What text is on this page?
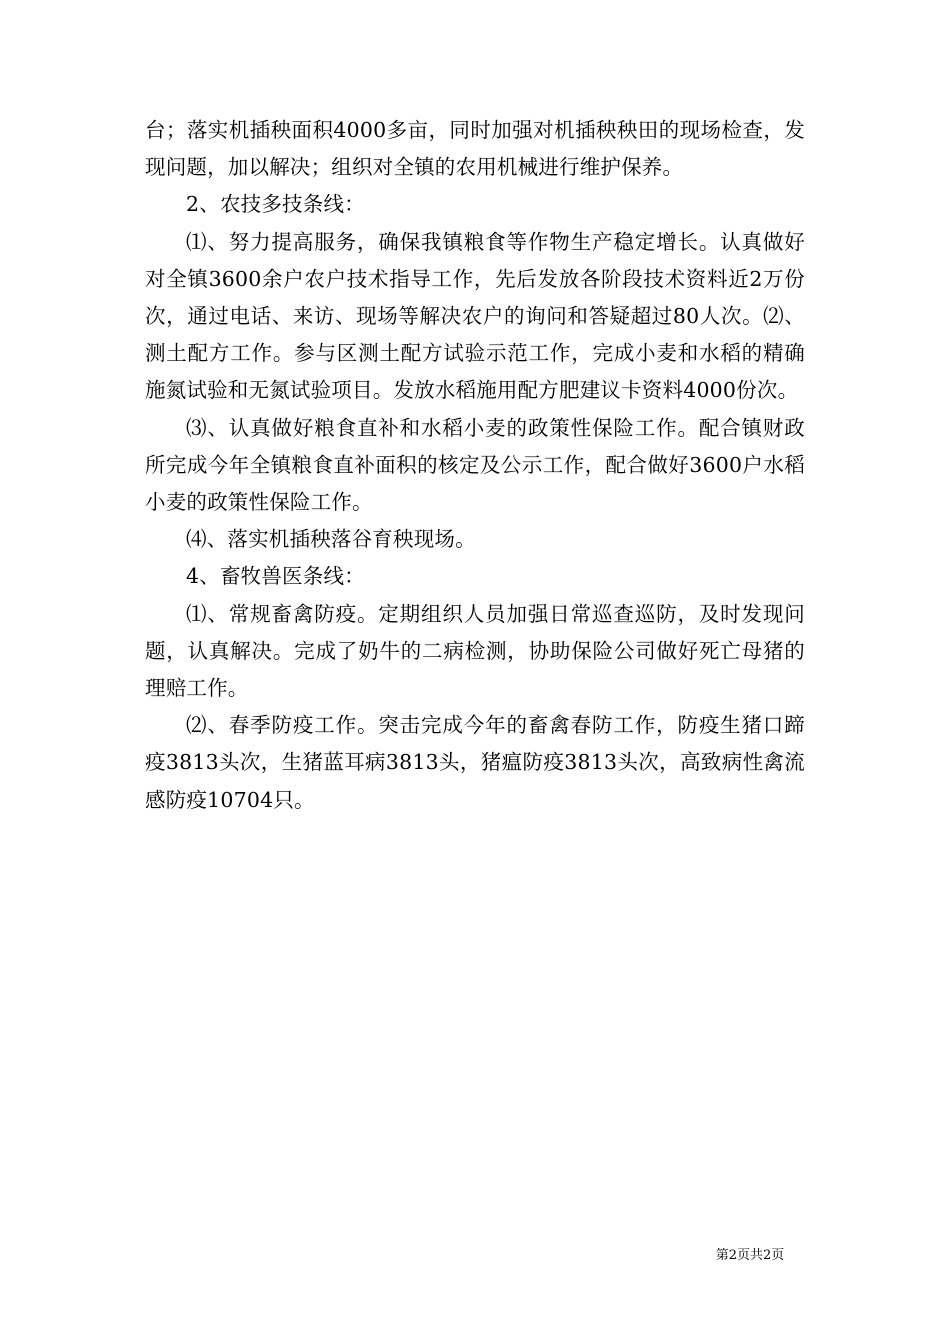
台；落实机插秧面积4000多亩，同时加强对机插秧秧田的现场检查，发现问题，加以解决；组织对全镇的农用机械进行维护保养。

2、农技多技条线：

⑴、努力提高服务，确保我镇粮食等作物生产稳定增长。认真做好对全镇3600余户农户技术指导工作，先后发放各阶段技术资料近2万份次，通过电话、来访、现场等解决农户的询问和答疑超过80人次。⑵、测土配方工作。参与区测土配方试验示范工作，完成小麦和水稻的精确施氮试验和无氮试验项目。发放水稻施用配方肥建议卡资料4000份次。

⑶、认真做好粮食直补和水稻小麦的政策性保险工作。配合镇财政所完成今年全镇粮食直补面积的核定及公示工作，配合做好3600户水稻小麦的政策性保险工作。

⑷、落实机插秧落谷育秧现场。

4、畜牧兽医条线：

⑴、常规畜禽防疫。定期组织人员加强日常巡查巡防，及时发现问题，认真解决。完成了奶牛的二病检测，协助保险公司做好死亡母猪的理赔工作。

⑵、春季防疫工作。突击完成今年的畜禽春防工作，防疫生猪口蹄疫3813头次，生猪蓝耳病3813头，猪瘟防疫3813头次，高致病性禽流感防疫10704只。

第2页共2页
